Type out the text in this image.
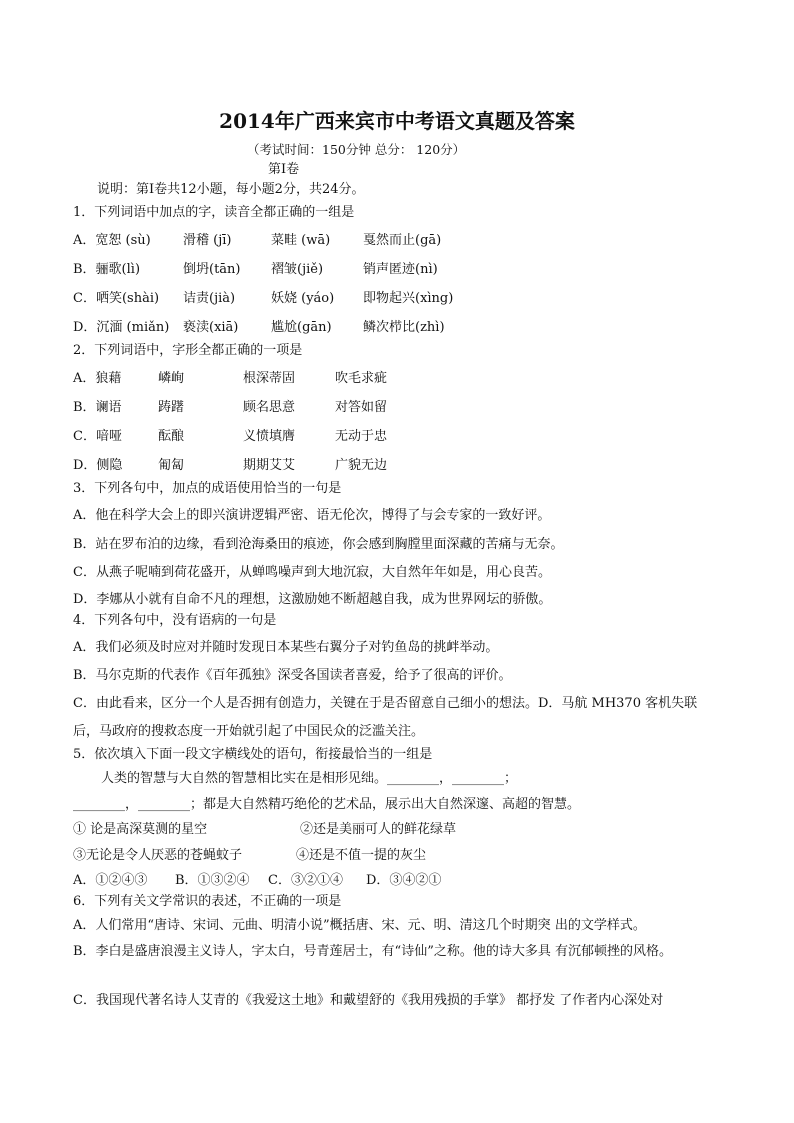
2014年广西来宾市中考语文真题及答案
（考试时间：150分钟 总分： 120分）
第Ⅰ卷
说明：第Ⅰ卷共12小题，每小题2分，共24分。
1．下列词语中加点的字，读音全都正确的一组是
A．宽恕 (sù) 滑稽 (jī)	菜畦 (wā)	戛然而止(gā)
B．骊歌(lì)	倒坍(tān) 褶皱(jiě)	销声匿迹(nì)
C．哂笑(shài) 诘责(jià)	妖娆 (yáo) 即物起兴(xìng)
D．沉湎 (miǎn) 亵渎(xiā)	尴尬(gān) 鳞次栉比(zhì)
2．下列词语中，字形全都正确的一项是
A．狼藉	嶙峋	根深蒂固	吹毛求疵
B．谰语	踌躇	顾名思意	对答如留
C．喑哑	酝酿	义愤填膺	无动于忠
D．侧隐	匍匐	期期艾艾	广貌无边
3．下列各句中，加点的成语使用恰当的一句是
A．他在科学大会上的即兴演讲逻辑严密、语无伦次，博得了与会专家的一致好评。
B．站在罗布泊的边缘，看到沧海桑田的痕迹，你会感到胸膛里面深藏的苦痛与无奈。
C．从燕子呢喃到荷花盛开，从蝉鸣噪声到大地沉寂，大自然年年如是，用心良苦。
D．李娜从小就有自命不凡的理想，这激励她不断超越自我，成为世界网坛的骄傲。
4．下列各句中，没有语病的一句是
A．我们必须及时应对并随时发现日本某些右翼分子对钓鱼岛的挑衅举动。
B．马尔克斯的代表作《百年孤独》深受各国读者喜爱，给予了很高的评价。
C．由此看来，区分一个人是否拥有创造力，关键在于是否留意自己细小的想法。D．马航 MH370 客机失联
后，马政府的搜救态度一开始就引起了中国民众的泛滥关注。
5．依次填入下面一段文字横线处的语句，衔接最恰当的一组是
人类的智慧与大自然的智慧相比实在是相形见绌。________，________；
________，________；都是大自然精巧绝伦的艺术品，展示出大自然深邃、高超的智慧。
① 论是高深莫测的星空	②还是美丽可人的鲜花绿草
③无论是令人厌恶的苍蝇蚊子	④还是不值一提的灰尘
A．①②④③ B．①③②④ C．③②①④ D．③④②①
6．下列有关文学常识的表述，不正确的一项是
A．人们常用“唐诗、宋词、元曲、明清小说”概括唐、宋、元、明、清这几个时期突 出的文学样式。
B．李白是盛唐浪漫主义诗人，字太白，号青莲居士，有“诗仙”之称。他的诗大多具 有沉郁顿挫的风格。
C．我国现代著名诗人艾青的《我爱这土地》和戴望舒的《我用残损的手掌》 都抒发 了作者内心深处对
